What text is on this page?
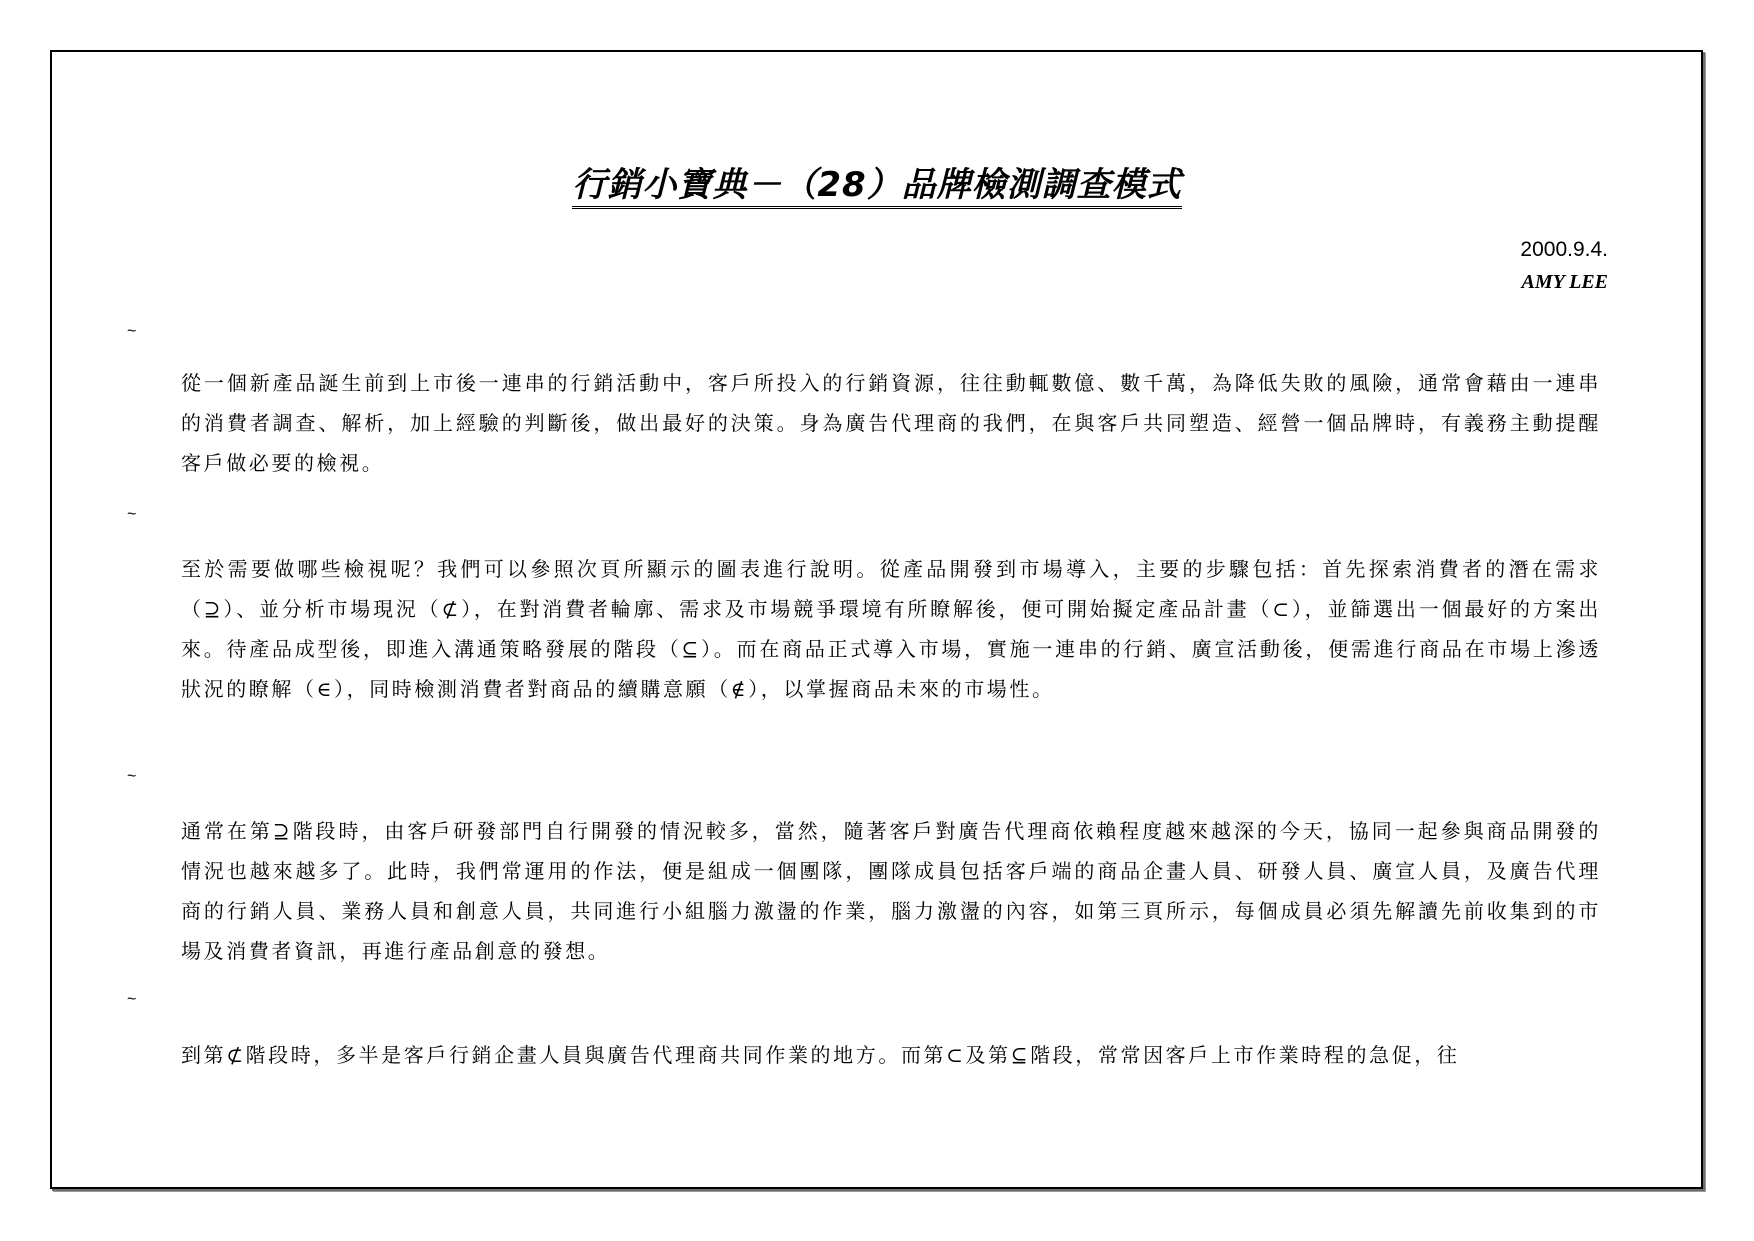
行銷小寶典－（28）品牌檢測調查模式
2000.9.4.
AMY LEE
~

從一個新產品誕生前到上市後一連串的行銷活動中，客戶所投入的行銷資源，往往動輒數億、數千萬，為降低失敗的風險，通常會藉由一連串的消費者調查、解析，加上經驗的判斷後，做出最好的決策。身為廣告代理商的我們，在與客戶共同塑造、經營一個品牌時，有義務主動提醒客戶做必要的檢視。

~

至於需要做哪些檢視呢？我們可以參照次頁所顯示的圖表進行說明。從產品開發到市場導入，主要的步驟包括：首先探索消費者的潛在需求（⊇）、並分析市場現況（⊄），在對消費者輪廓、需求及市場競爭環境有所瞭解後，便可開始擬定產品計畫（⊂），並篩選出一個最好的方案出來。待產品成型後，即進入溝通策略發展的階段（⊆）。而在商品正式導入市場，實施一連串的行銷、廣宣活動後，便需進行商品在市場上滲透狀況的瞭解（∈），同時檢測消費者對商品的續購意願（∉），以掌握商品未來的市場性。

~

通常在第⊇階段時，由客戶研發部門自行開發的情況較多，當然，隨著客戶對廣告代理商依賴程度越來越深的今天，協同一起參與商品開發的情況也越來越多了。此時，我們常運用的作法，便是組成一個團隊，團隊成員包括客戶端的商品企畫人員、研發人員、廣宣人員，及廣告代理商的行銷人員、業務人員和創意人員，共同進行小組腦力激盪的作業，腦力激盪的內容，如第三頁所示，每個成員必須先解讀先前收集到的市場及消費者資訊，再進行產品創意的發想。

~

到第⊄階段時，多半是客戶行銷企畫人員與廣告代理商共同作業的地方。而第⊂及第⊆階段，常常因客戶上市作業時程的急促，往
